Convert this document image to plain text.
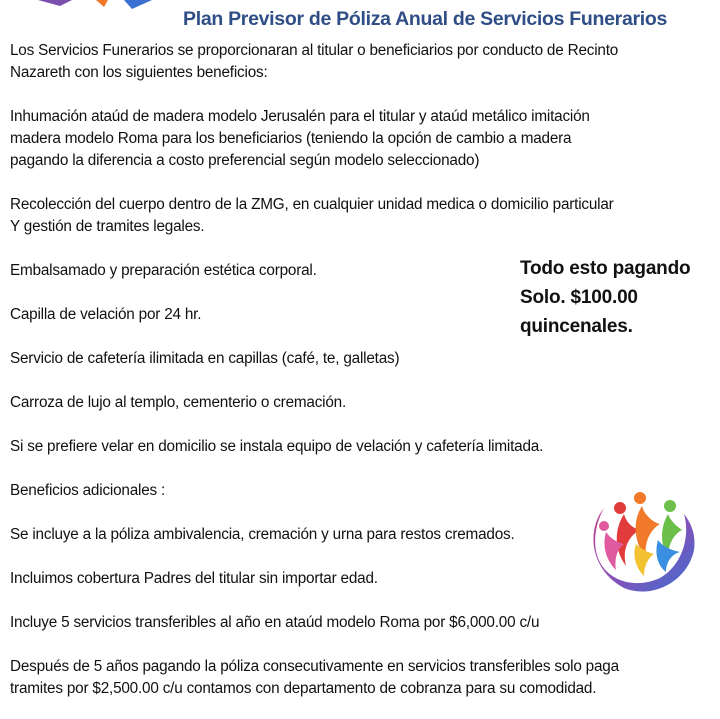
Plan Previsor de Póliza Anual de Servicios Funerarios

Los Servicios Funerarios se proporcionaran al titular o beneficiarios por conducto de Recinto
Nazareth con los siguientes beneficios:

Inhumación ataúd de madera modelo Jerusalén para el titular y ataúd metálico imitación
madera modelo Roma para los beneficiarios (teniendo la opción de cambio a madera
pagando la diferencia a costo preferencial según modelo seleccionado)

Recolección del cuerpo dentro de la ZMG, en cualquier unidad medica o domicilio particular
Y gestión de tramites legales.

Embalsamado y preparación estética corporal.

Capilla de velación por 24 hr.

Servicio de cafetería ilimitada en capillas (café, te, galletas)

Carroza de lujo al templo, cementerio o cremación.

Si se prefiere velar en domicilio se instala equipo de velación y cafetería limitada.

Beneficios adicionales :

Se incluye a la póliza ambivalencia, cremación y urna para restos cremados.

Incluimos cobertura Padres del titular sin importar edad.

Incluye 5 servicios transferibles al año en ataúd modelo Roma por $6,000.00 c/u

Después de 5 años pagando la póliza consecutivamente en servicios transferibles solo paga
tramites por $2,500.00 c/u contamos con departamento de cobranza para su comodidad.

Todo esto pagando
Solo. $100.00
quincenales.
